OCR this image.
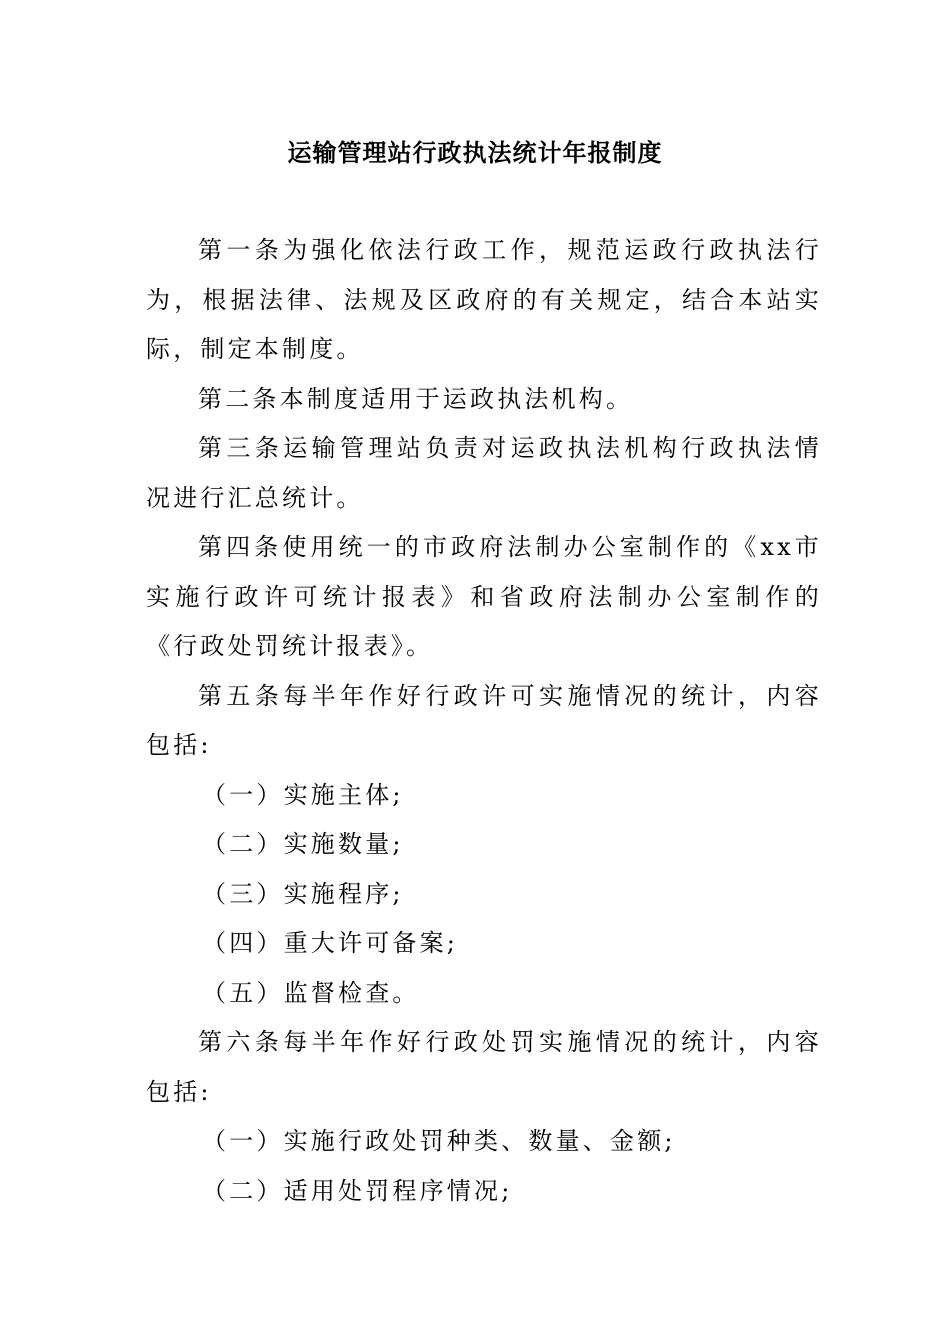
运输管理站行政执法统计年报制度

第一条为强化依法行政工作，规范运政行政执法行为，根据法律、法规及区政府的有关规定，结合本站实际，制定本制度。

第二条本制度适用于运政执法机构。

第三条运输管理站负责对运政执法机构行政执法情况进行汇总统计。

第四条使用统一的市政府法制办公室制作的《xx市实施行政许可统计报表》和省政府法制办公室制作的《行政处罚统计报表》。

第五条每半年作好行政许可实施情况的统计，内容包括:

（一）实施主体;

（二）实施数量;

（三）实施程序;

（四）重大许可备案;

（五）监督检查。

第六条每半年作好行政处罚实施情况的统计，内容包括:

（一）实施行政处罚种类、数量、金额;

（二）适用处罚程序情况;
